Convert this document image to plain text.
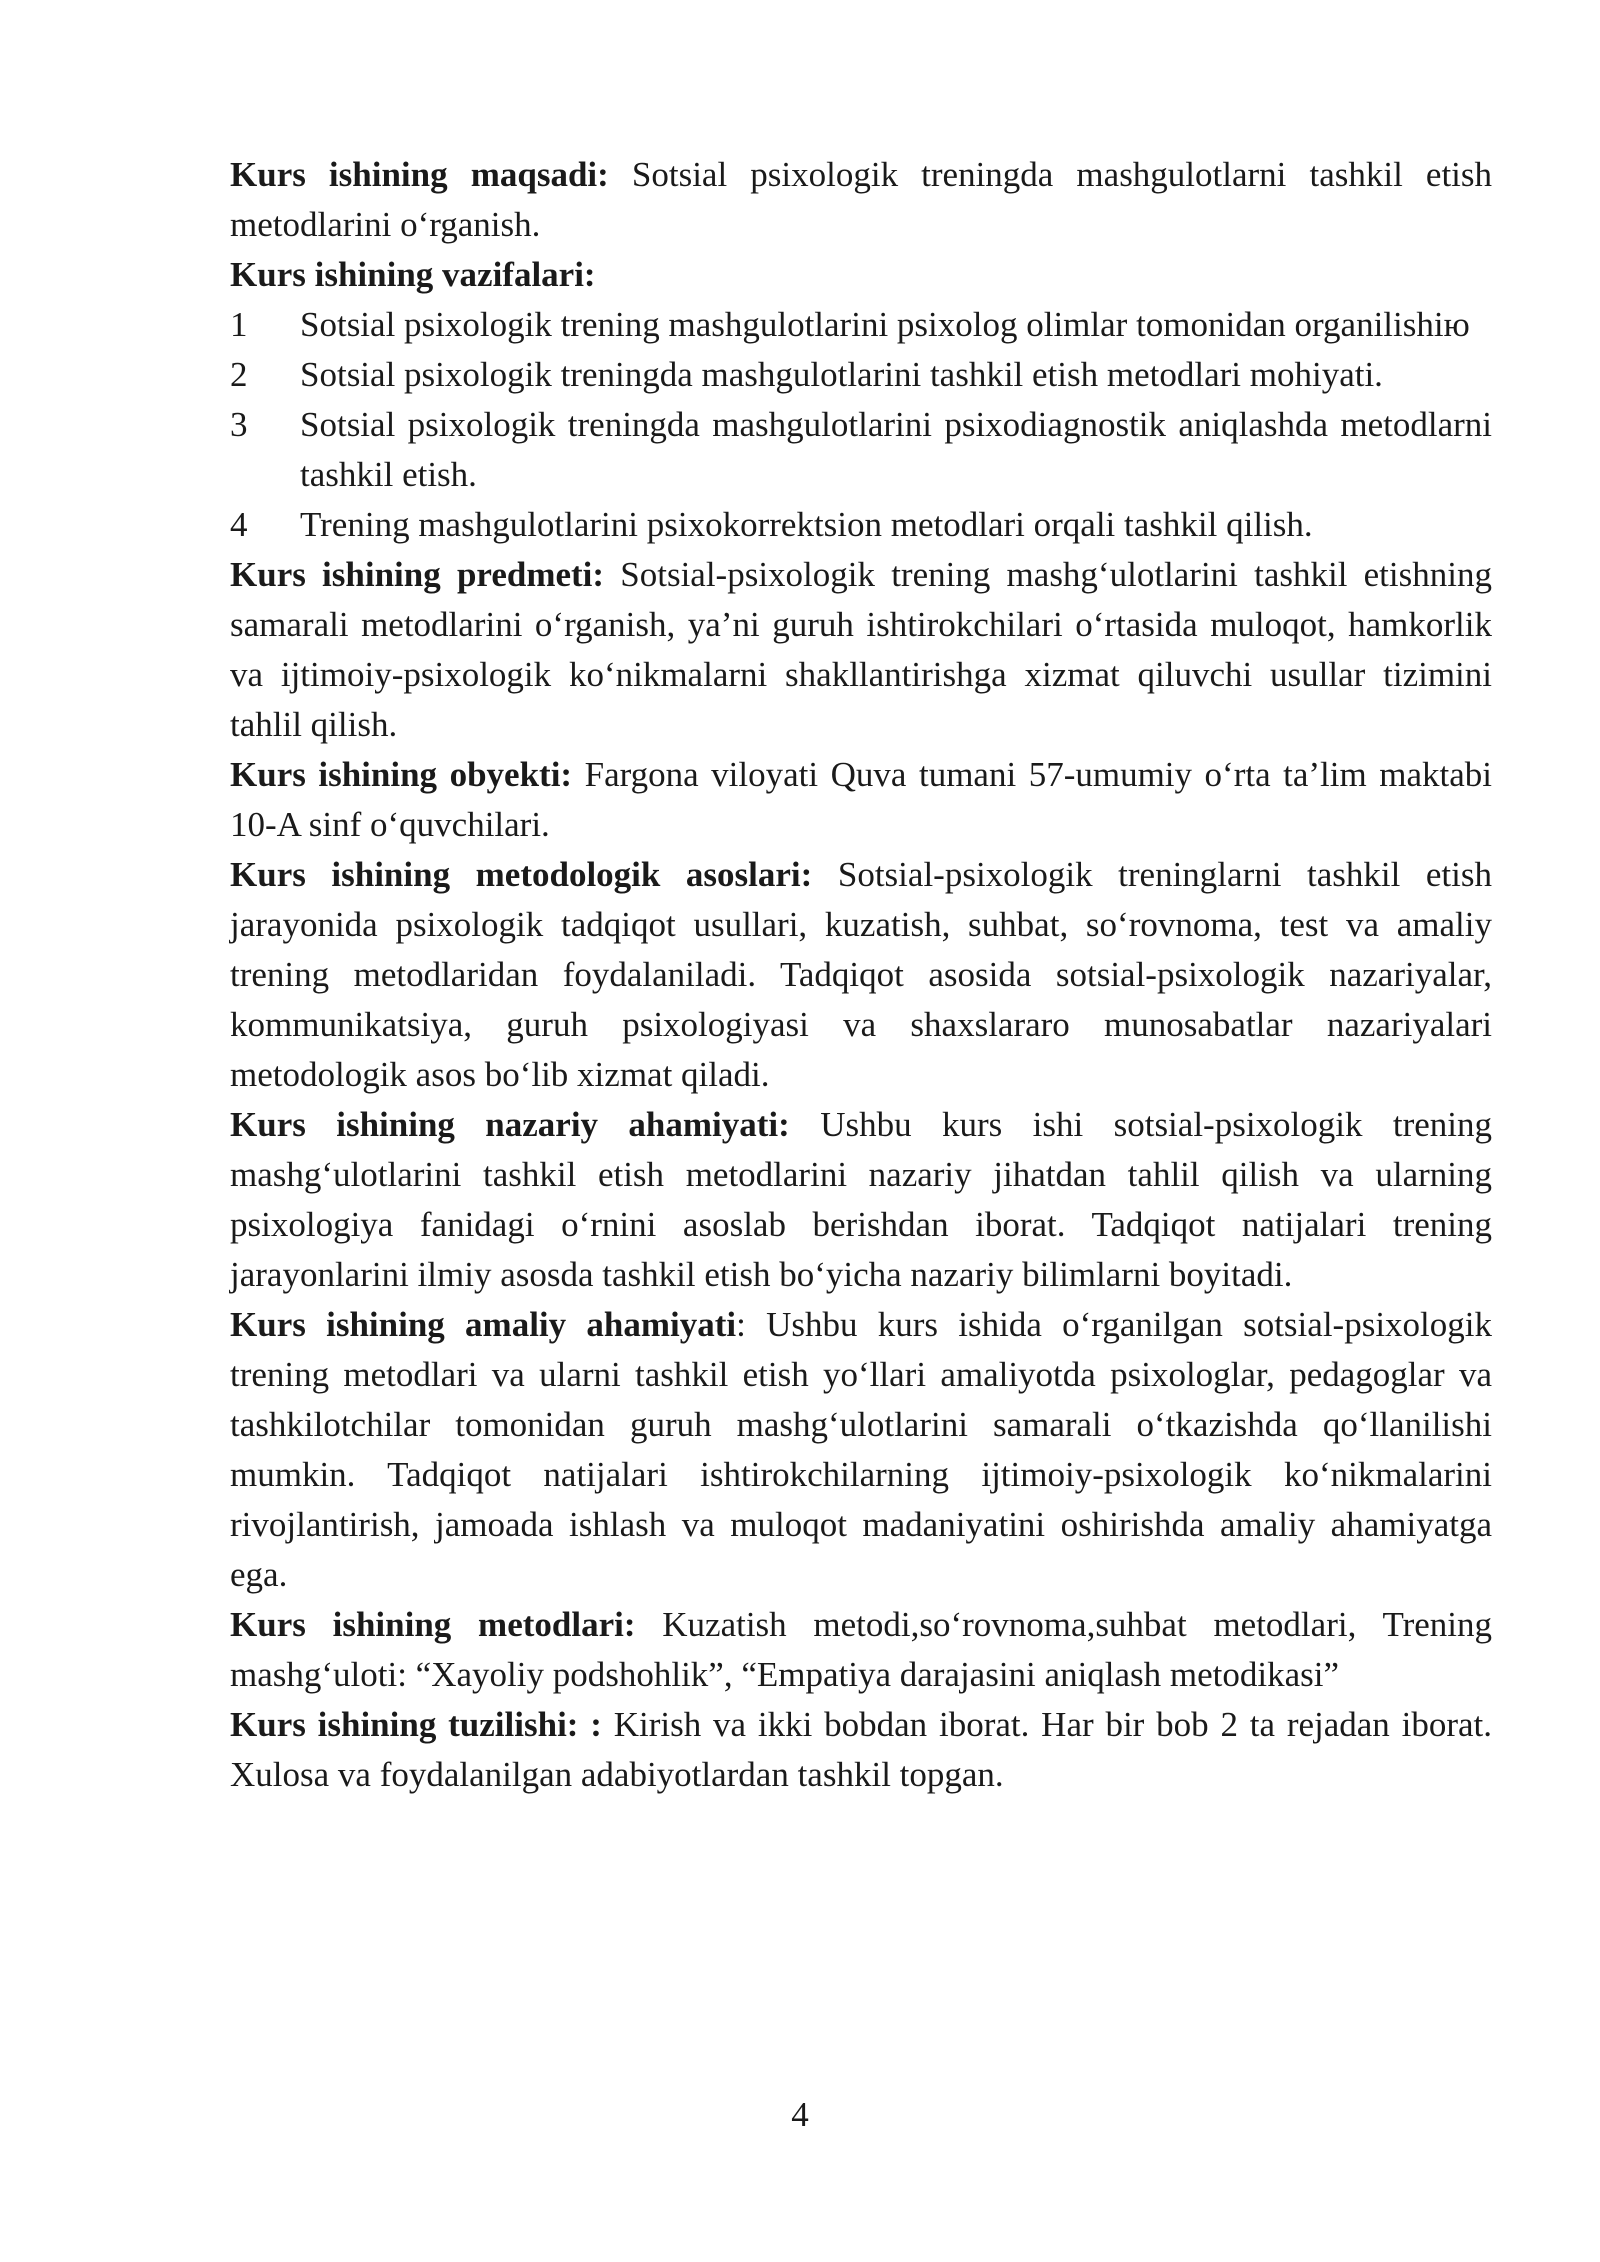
Kurs ishining maqsadi: Sotsial psixologik treningda mashgulotlarni tashkil etish metodlarini o‘rganish.

Kurs ishining vazifalari:

1	Sotsial psixologik trening mashgulotlarini psixolog olimlar tomonidan organilishiю
2	Sotsial psixologik treningda mashgulotlarini tashkil etish metodlari mohiyati.
3	Sotsial psixologik treningda mashgulotlarini psixodiagnostik aniqlashda metodlarni tashkil etish.
4	Trening mashgulotlarini psixokorrektsion metodlari orqali tashkil qilish.

Kurs ishining predmeti: Sotsial-psixologik trening mashg‘ulotlarini tashkil etishning samarali metodlarini o‘rganish, ya’ni guruh ishtirokchilari o‘rtasida muloqot, hamkorlik va ijtimoiy-psixologik ko‘nikmalarni shakllantirishga xizmat qiluvchi usullar tizimini tahlil qilish.

Kurs ishining obyekti: Fargona viloyati Quva tumani 57-umumiy o‘rta ta’lim maktabi 10-A sinf o‘quvchilari.

Kurs ishining metodologik asoslari: Sotsial-psixologik treninglarni tashkil etish jarayonida psixologik tadqiqot usullari, kuzatish, suhbat, so‘rovnoma, test va amaliy trening metodlaridan foydalaniladi. Tadqiqot asosida sotsial-psixologik nazariyalar, kommunikatsiya, guruh psixologiyasi va shaxslararo munosabatlar nazariyalari metodologik asos bo‘lib xizmat qiladi.

Kurs ishining nazariy ahamiyati: Ushbu kurs ishi sotsial-psixologik trening mashg‘ulotlarini tashkil etish metodlarini nazariy jihatdan tahlil qilish va ularning psixologiya fanidagi o‘rnini asoslab berishdan iborat. Tadqiqot natijalari trening jarayonlarini ilmiy asosda tashkil etish bo‘yicha nazariy bilimlarni boyitadi.

Kurs ishining amaliy ahamiyati: Ushbu kurs ishida o‘rganilgan sotsial-psixologik trening metodlari va ularni tashkil etish yo‘llari amaliyotda psixologlar, pedagoglar va tashkilotchilar tomonidan guruh mashg‘ulotlarini samarali o‘tkazishda qo‘llanilishi mumkin. Tadqiqot natijalari ishtirokchilarning ijtimoiy-psixologik ko‘nikmalarini rivojlantirish, jamoada ishlash va muloqot madaniyatini oshirishda amaliy ahamiyatga ega.

Kurs ishining metodlari: Kuzatish metodi,so‘rovnoma,suhbat metodlari, Trening mashg‘uloti: “Xayoliy podshohlik”, “Empatiya darajasini aniqlash metodikasi”

Kurs ishining tuzilishi: : Kirish va ikki bobdan iborat. Har bir bob 2 ta rejadan iborat. Xulosa va foydalanilgan adabiyotlardan tashkil topgan.

4
